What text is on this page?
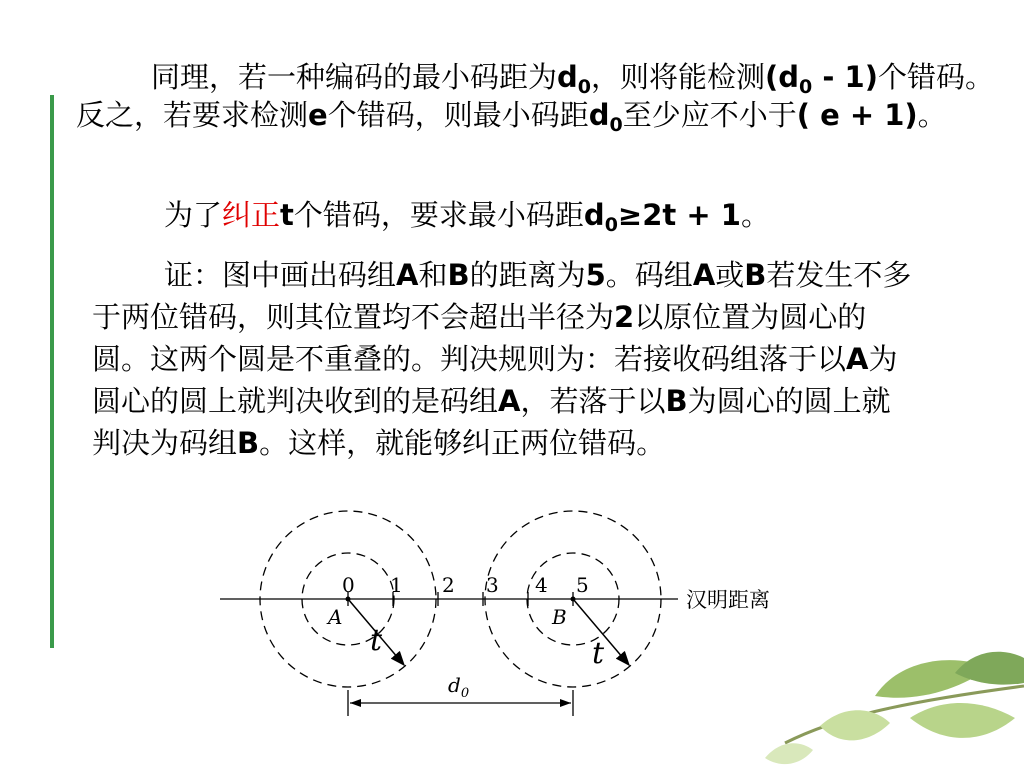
同理，若一种编码的最小码距为$d_0$，则将能检测$(d_0 - 1)$个错码。反之，若要求检测e个错码，则最小码距$d_0$至少应不小于( e + 1)。

为了纠正t个错码，要求最小码距$d_0\ge 2t + 1$。

证：图中画出码组A和B的距离为5。码组A或B若发生不多于两位错码，则其位置均不会超出半径为2以原位置为圆心的圆。这两个圆是不重叠的。判决规则为：若接收码组落于以A为圆心的圆上就判决收到的是码组A，若落于以B为圆心的圆上就判决为码组B。这样，就能够纠正两位错码。

0 1 2 3 4 5
A	B
t	t
汉明距离
$d_0$
